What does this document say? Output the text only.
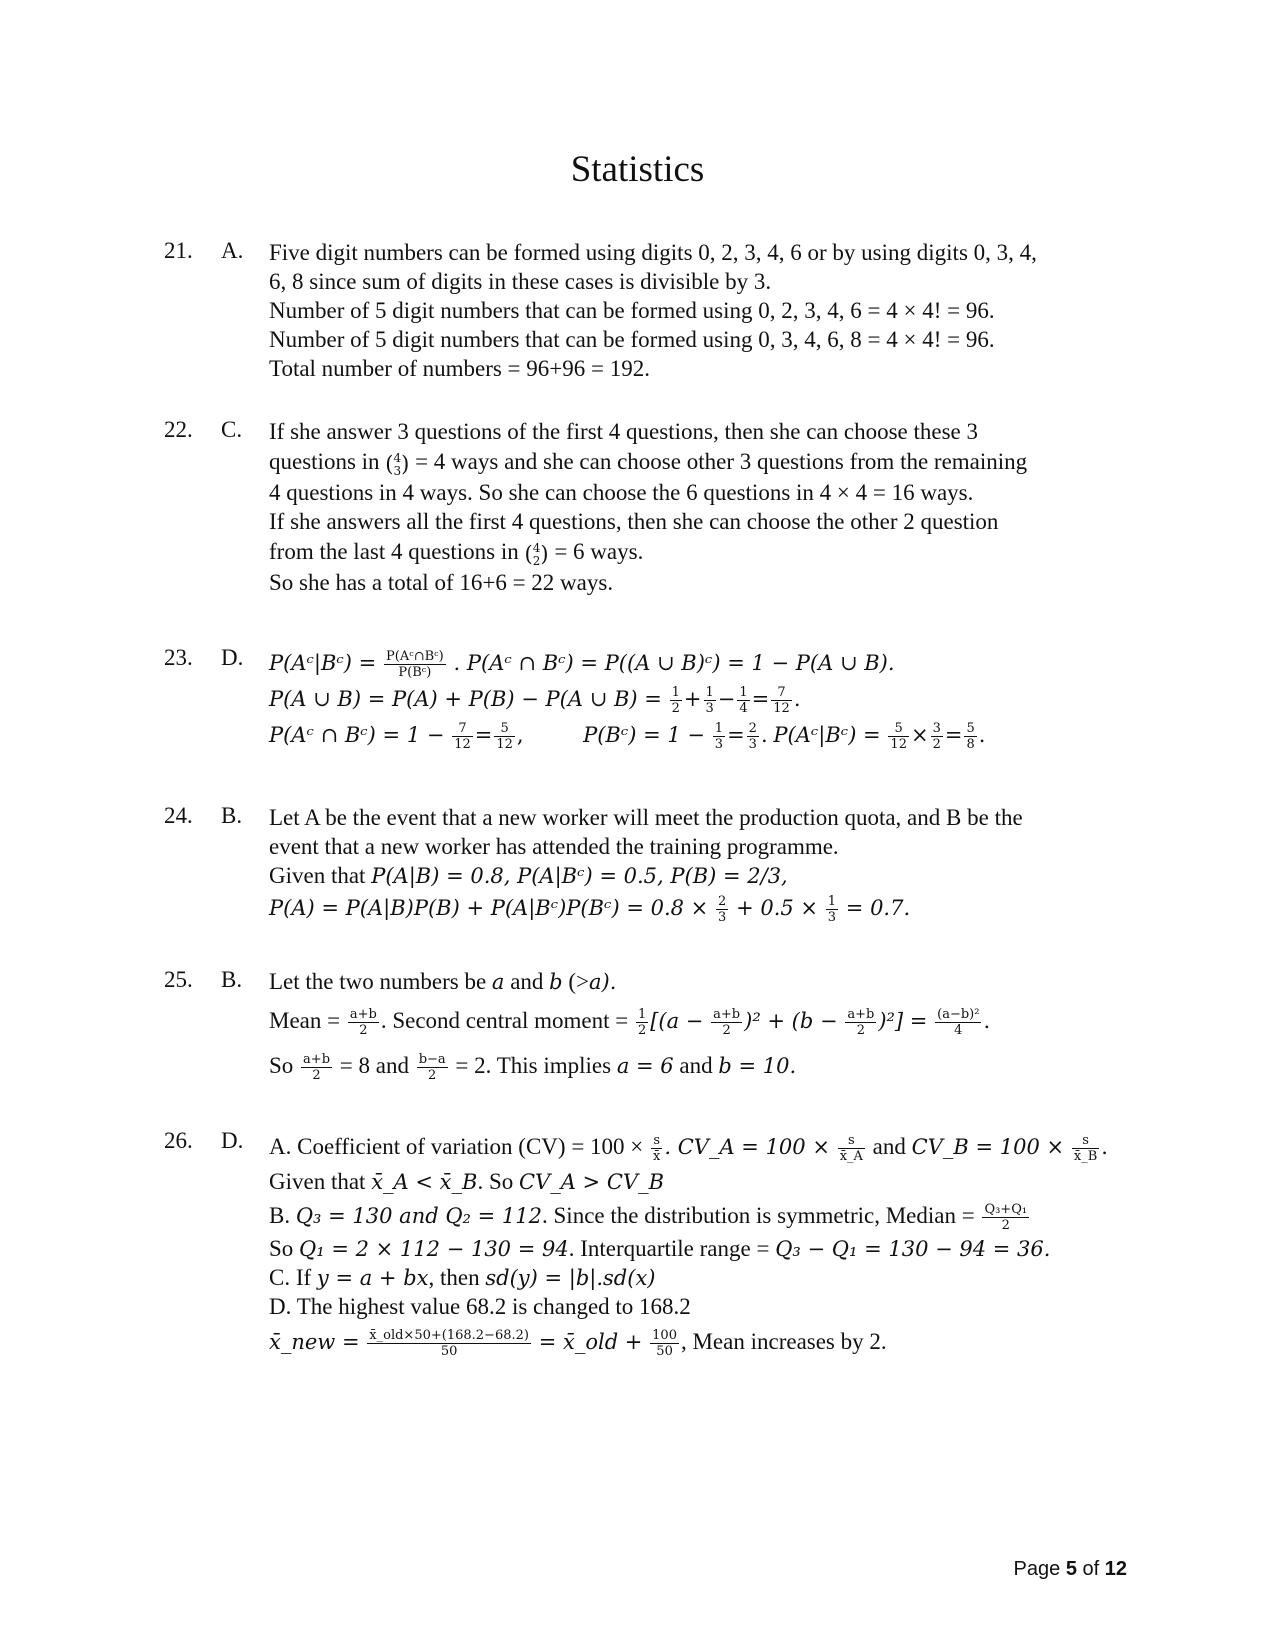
Statistics
21. A. Five digit numbers can be formed using digits 0, 2, 3, 4, 6 or by using digits 0, 3, 4,
6, 8 since sum of digits in these cases is divisible by 3.
Number of 5 digit numbers that can be formed using 0, 2, 3, 4, 6 = 4 × 4! = 96.
Number of 5 digit numbers that can be formed using 0, 3, 4, 6, 8 = 4 × 4! = 96.
Total number of numbers = 96+96 = 192.
22. C. If she answer 3 questions of the first 4 questions, then she can choose these 3
questions in (4
3) = 4 ways and she can choose other 3 questions from the remaining
4 questions in 4 ways. So she can choose the 6 questions in 4 × 4 = 16 ways.
If she answers all the first 4 questions, then she can choose the other 2 question
from the last 4 questions in (4
2) = 6 ways.
So she has a total of 16+6 = 22 ways.
23. D. P(Aᶜ|Bᶜ) = $\frac{\text{P(Aᶜ∩Bᶜ)}}{\text{P(Bᶜ)}}$ . P(Aᶜ ∩ Bᶜ) = P((A ∪ B)ᶜ) = 1 − P(A ∪ B).
P(A ∪ B) = P(A) + P(B) − P(A ∪ $B) = \frac{1}{2} + \frac{1}{3} - \frac{1}{4} = \frac{7}{12}$ .
P(Aᶜ ∩ Bᶜ) = $1 - \frac{7}{12} = \frac{5}{12}$ ,	P(Bᶜ) = $1 - \frac{1}{3} = \frac{2}{3}$ . P(Aᶜ|Bᶜ) = $\frac{5}{12} \times \frac{3}{2} = \frac{5}{8}$ .
24. B. Let A be the event that a new worker will meet the production quota, and B be the
event that a new worker has attended the training programme.
Given that P(A|B) = 0.8, P(A|Bᶜ) = 0.5, P(B) = 2/3,
P(A) = P(A|B)P(B) + P(A|Bᶜ)P(Bᶜ) = $0.8 \times \frac{2}{3} + 0.5 \times \frac{1}{3} = 0.7$.
25. B. Let the two numbers be a and b (>a).
Mean = $\frac{a+b}{2}$ . Second central moment = $\frac{1}{2} [(a - \frac{a+b}{2} )^2 + (b - \frac{a+b}{2} )^2] = \frac{\text{(a−b)²}}{4}$ .
So $\frac{a+b}{2} = 8$ and $\frac{b-a}{2} = 2$. This implies a = 6 and b = 10.
26. D. A. Coefficient of variation $(CV) = 100 \times \frac{s}{x̄}$ . CV_A = $100 \times \frac{s}{x̄\_A}$ and CV_B = $100 \times \frac{s}{x̄\_B}$ .
Given that x̄_A < x̄_B. So CV_A > CV_B
B. Q₃ = 130 and Q₂ = 112. Since the distribution is symmetric, Median = $\frac{\text{Q₃+Q₁}}{2}$
So Q₁ = 2 × 112 − 130 = 94. Interquartile range = Q₃ − Q₁ = 130 − 94 = 36.
C. If y = a + bx, then sd(y) = |b|.sd(x)
D. The highest value 68.2 is changed to 168.2
x̄_new = $\frac{\text{x̄\_old×50+(168.2−68.2)}}{50}$ = x̄_old + $\frac{100}{50}$ , Mean increases by 2.
Page 5 of 12
